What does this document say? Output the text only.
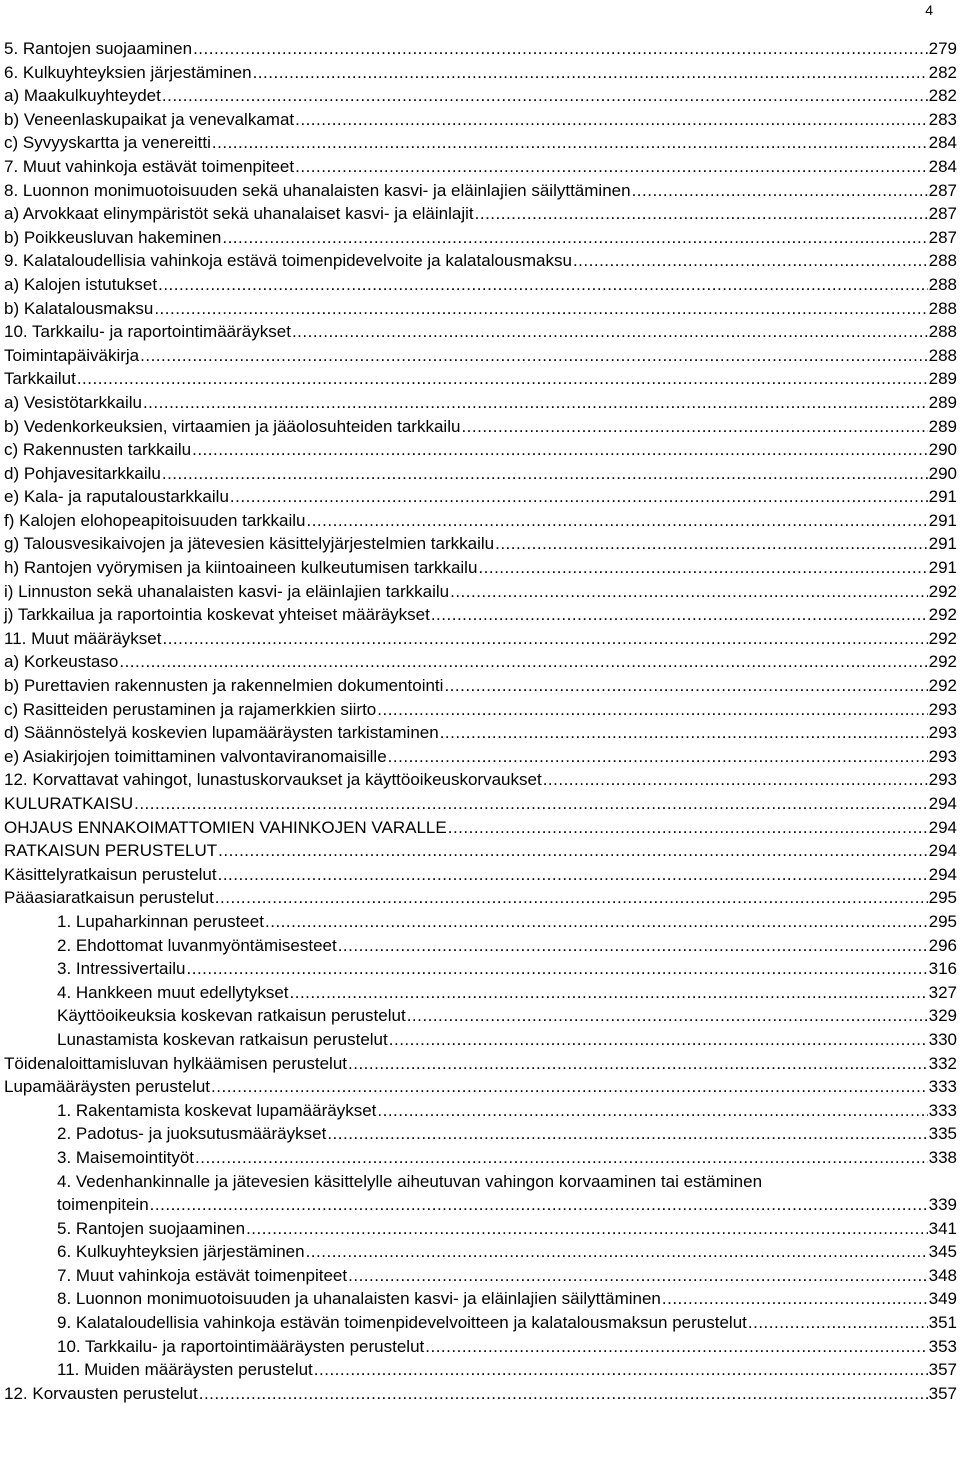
4
5. Rantojen suojaaminen .....	279
6. Kulkuyhteyksien järjestäminen .....	282
a) Maakulkuyhteydet .....	282
b) Veneenlaskupaikat ja venevalkamat .....	283
c) Syvyyskartta ja venereitti .....	284
7. Muut vahinkoja estävät toimenpiteet .....	284
8. Luonnon monimuotoisuuden sekä uhanalaisten kasvi- ja eläinlajien säilyttäminen .....	287
a) Arvokkaat elinympäristöt sekä uhanalaiset kasvi- ja eläinlajit .....	287
b) Poikkeusluvan hakeminen .....	287
9. Kalataloudellisia vahinkoja estävä toimenpidevelvoite ja kalatalousmaksu .....	288
a) Kalojen istutukset .....	288
b) Kalatalousmaksu .....	288
10. Tarkkailu- ja raportointimääräykset .....	288
Toimintapäiväkirja .....	288
Tarkkailut .....	289
a) Vesistötarkkailu .....	289
b) Vedenkorkeuksien, virtaamien ja jääolosuhteiden tarkkailu .....	289
c) Rakennusten tarkkailu .....	290
d) Pohjavesitarkkailu .....	290
e) Kala- ja raputaloustarkkailu .....	291
f) Kalojen elohopeapitoisuuden tarkkailu .....	291
g) Talousvesikaivojen ja jätevesien käsittelyjärjestelmien tarkkailu .....	291
h) Rantojen vyörymisen ja kiintoaineen kulkeutumisen tarkkailu .....	291
i) Linnuston sekä uhanalaisten kasvi- ja eläinlajien tarkkailu .....	292
j) Tarkkailua ja raportointia koskevat yhteiset määräykset .....	292
11. Muut määräykset .....	292
a) Korkeustaso .....	292
b) Purettavien rakennusten ja rakennelmien dokumentointi .....	292
c) Rasitteiden perustaminen ja rajamerkkien siirto .....	293
d) Säännöstelyä koskevien lupamääräysten tarkistaminen .....	293
e) Asiakirjojen toimittaminen valvontaviranomaisille .....	293
12. Korvattavat vahingot, lunastuskorvaukset ja käyttöoikeuskorvaukset .....	293
KULURATKAISU .....	294
OHJAUS ENNAKOIMATTOMIEN VAHINKOJEN VARALLE .....	294
RATKAISUN PERUSTELUT .....	294
Käsittelyratkaisun perustelut .....	294
Pääasiaratkaisun perustelut .....	295
1. Lupaharkinnan perusteet .....	295
2. Ehdottomat luvanmyöntämisesteet .....	296
3. Intressivertailu .....	316
4. Hankkeen muut edellytykset .....	327
Käyttöoikeuksia koskevan ratkaisun perustelut .....	329
Lunastamista koskevan ratkaisun perustelut .....	330
Töidenaloittamisluvan hylkäämisen perustelut .....	332
Lupamääräysten perustelut .....	333
1. Rakentamista koskevat lupamääräykset .....	333
2. Padotus- ja juoksutusmääräykset .....	335
3. Maisemointityöt .....	338
4. Vedenhankinnalle ja jätevesien käsittelylle aiheutuvan vahingon korvaaminen tai estäminen
toimenpitein .....	339
5. Rantojen suojaaminen .....	341
6. Kulkuyhteyksien järjestäminen .....	345
7. Muut vahinkoja estävät toimenpiteet .....	348
8. Luonnon monimuotoisuuden ja uhanalaisten kasvi- ja eläinlajien säilyttäminen .....	349
9. Kalataloudellisia vahinkoja estävän toimenpidevelvoitteen ja kalatalousmaksun perustelut .....	351
10. Tarkkailu- ja raportointimääräysten perustelut .....	353
11. Muiden määräysten perustelut .....	357
12. Korvausten perustelut .....	357
